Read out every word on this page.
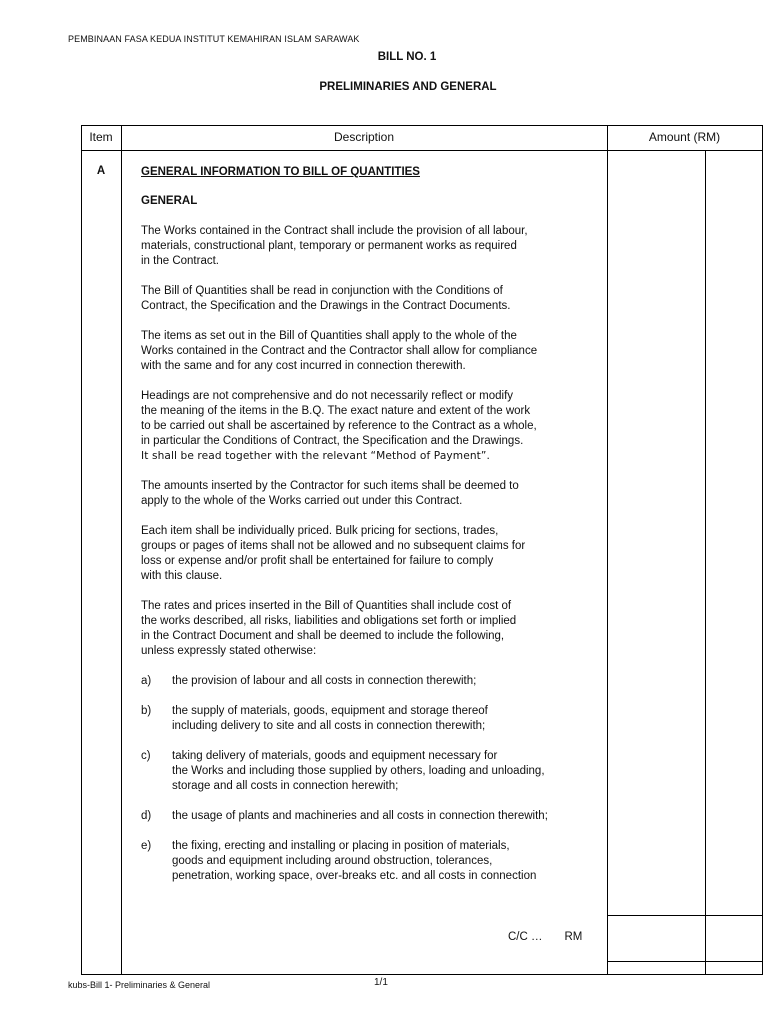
PEMBINAAN FASA KEDUA INSTITUT KEMAHIRAN ISLAM SARAWAK
BILL NO. 1
PRELIMINARIES AND GENERAL
Item	Description	Amount (RM)
A	GENERAL INFORMATION TO BILL OF QUANTITIES
GENERAL

The Works contained in the Contract shall include the provision of all labour,
materials, constructional plant, temporary or permanent works as required
in the Contract.

The Bill of Quantities shall be read in conjunction with the Conditions of
Contract, the Specification and the Drawings in the Contract Documents.

The items as set out in the Bill of Quantities shall apply to the whole of the
Works contained in the Contract and the Contractor shall allow for compliance
with the same and for any cost incurred in connection therewith.

Headings are not comprehensive and do not necessarily reflect or modify
the meaning of the items in the B.Q. The exact nature and extent of the work
to be carried out shall be ascertained by reference to the Contract as a whole,
in particular the Conditions of Contract, the Specification and the Drawings.

It shall be read together with the relevant “Method of Payment”.

The amounts inserted by the Contractor for such items shall be deemed to
apply to the whole of the Works carried out under this Contract.

Each item shall be individually priced. Bulk pricing for sections, trades,
groups or pages of items shall not be allowed and no subsequent claims for
loss or expense and/or profit shall be entertained for failure to comply
with this clause.

The rates and prices inserted in the Bill of Quantities shall include cost of
the works described, all risks, liabilities and obligations set forth or implied
in the Contract Document and shall be deemed to include the following,
unless expressly stated otherwise:

a)	the provision of labour and all costs in connection therewith;
b)	the supply of materials, goods, equipment and storage thereof
including delivery to site and all costs in connection therewith;
c)	taking delivery of materials, goods and equipment necessary for
the Works and including those supplied by others, loading and unloading,
storage and all costs in connection herewith;
d)	the usage of plants and machineries and all costs in connection therewith;
e)	the fixing, erecting and installing or placing in position of materials,
goods and equipment including around obstruction, tolerances,
penetration, working space, over-breaks etc. and all costs in connection
C/C … RM
kubs-Bill 1- Preliminaries & General	1/1
